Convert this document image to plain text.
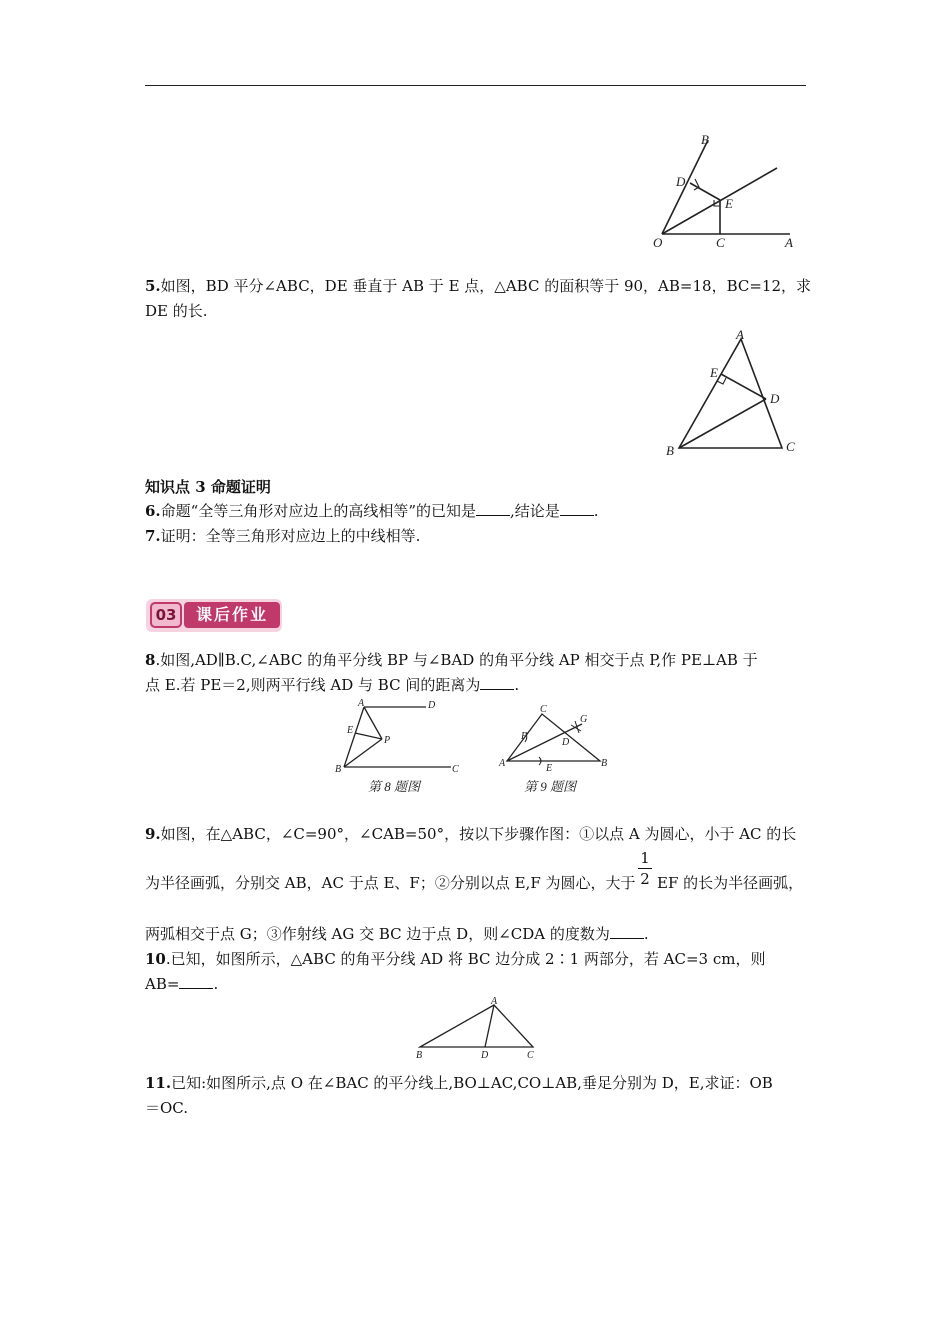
B
D
E
O	C	A
5.如图，BD 平分∠ABC，DE 垂直于 AB 于 E 点，△ABC 的面积等于 90，AB=18，BC=12，求
DE 的长.
A
E
D
B	C
知识点 3 命题证明
6.命题“全等三角形对应边上的高线相等”的已知是 ,结论是 .
7.证明：全等三角形对应边上的中线相等.
03	课后作业
8.如图,AD∥B.C,∠ABC 的角平分线 BP 与∠BAD 的角平分线 AP 相交于点 P,作 PE⊥AB 于
点 E.若 PE＝2,则两平行线 AD 与 BC 间的距离为 .
A	D
E
P
B	C
第 8 题图
C
G
F
D
A	E	B
第 9 题图
9.如图，在△ABC，∠C=90°，∠CAB=50°，按以下步骤作图：①以点 A 为圆心，小于 AC 的长
$\frac{1}{2}$
为半径画弧，分别交 AB，AC 于点 E、F；②分别以点 E,F 为圆心，大于  EF 的长为半径画弧，
两弧相交于点 G；③作射线 AG 交 BC 边于点 D，则∠CDA 的度数为 .
10.已知，如图所示，△ABC 的角平分线 AD 将 BC 边分成 2∶1 两部分，若 AC=3 cm，则
AB= .
A
B	D	C
11.已知:如图所示,点 O 在∠BAC 的平分线上,BO⊥AC,CO⊥AB,垂足分别为 D，E,求证：OB
＝OC.
